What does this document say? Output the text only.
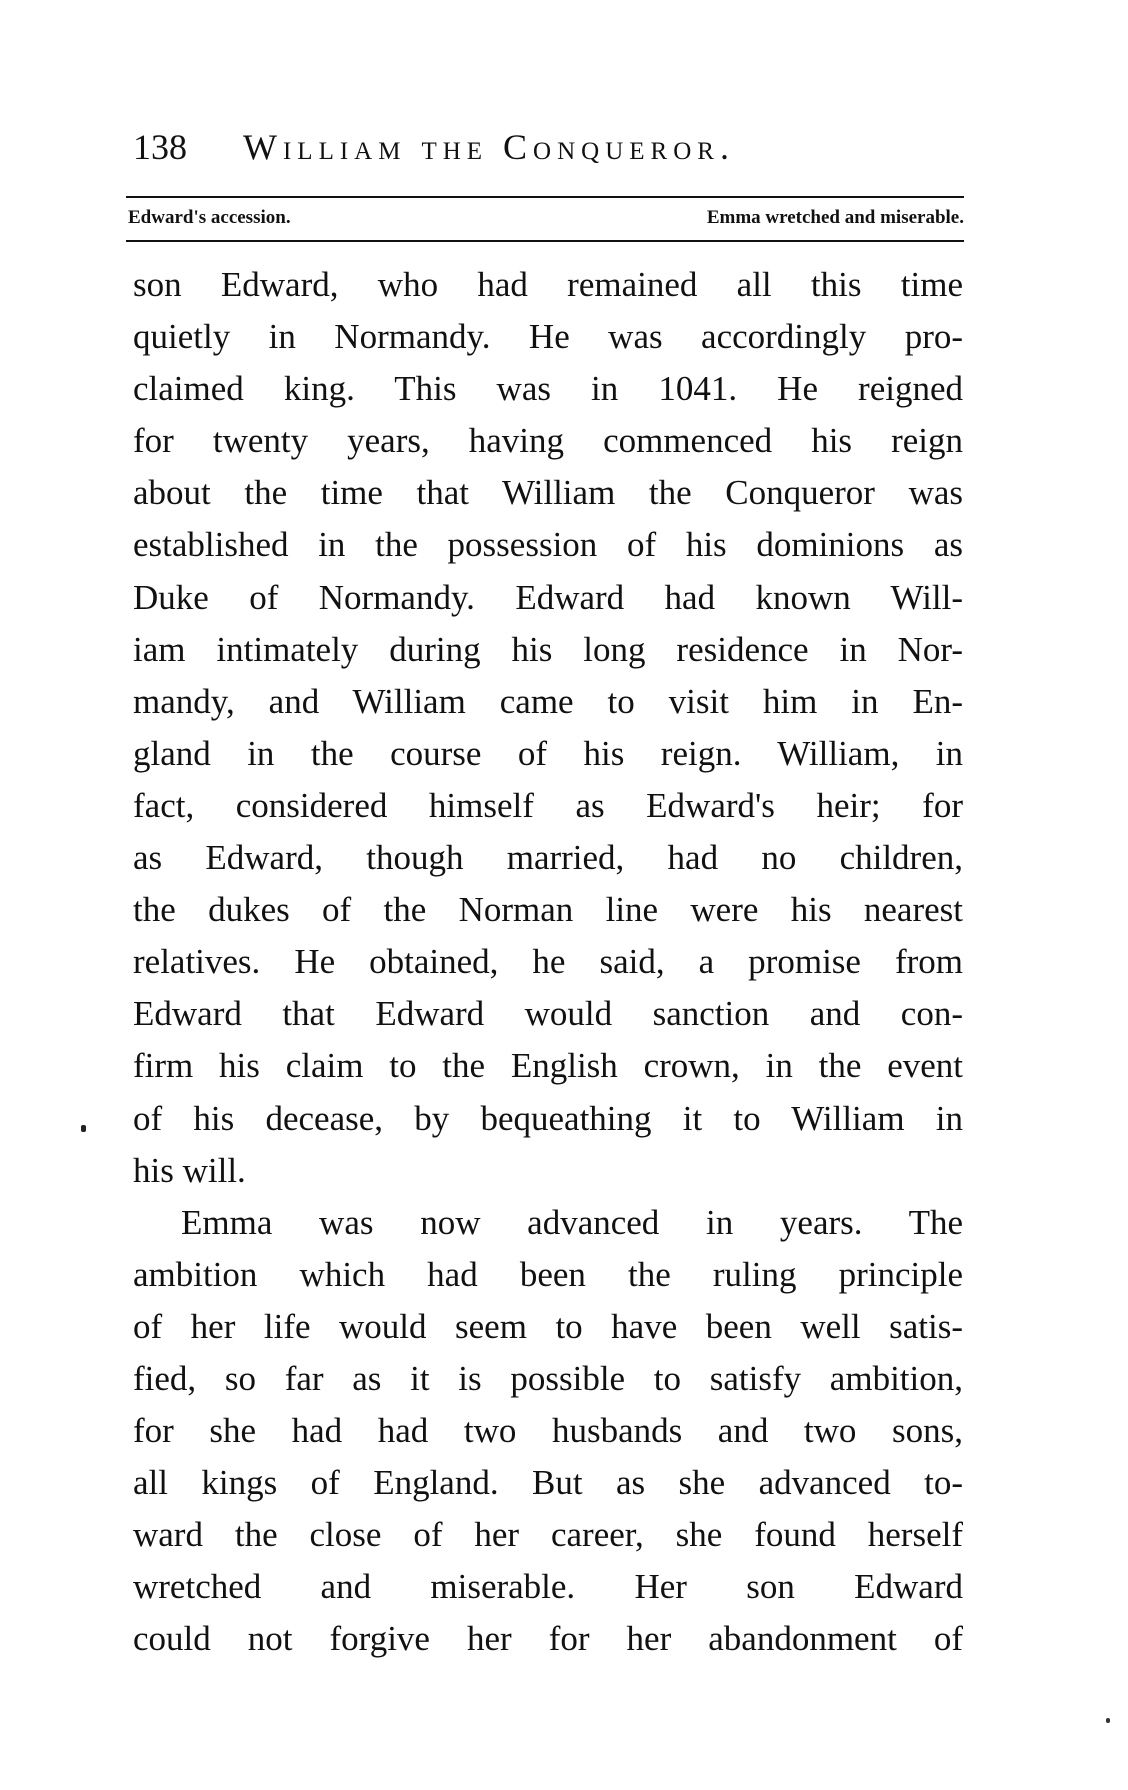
138 William the Conqueror.
Edward's accession.	Emma wretched and miserable.
son Edward, who had remained all this time
quietly in Normandy. He was accordingly pro-
claimed king. This was in 1041. He reigned
for twenty years, having commenced his reign
about the time that William the Conqueror was
established in the possession of his dominions as
Duke of Normandy. Edward had known Will-
iam intimately during his long residence in Nor-
mandy, and William came to visit him in En-
gland in the course of his reign. William, in
fact, considered himself as Edward's heir; for
as Edward, though married, had no children,
the dukes of the Norman line were his nearest
relatives. He obtained, he said, a promise from
Edward that Edward would sanction and con-
firm his claim to the English crown, in the event
of his decease, by bequeathing it to William in
his will.
Emma was now advanced in years. The
ambition which had been the ruling principle
of her life would seem to have been well satis-
fied, so far as it is possible to satisfy ambition,
for she had had two husbands and two sons,
all kings of England. But as she advanced to-
ward the close of her career, she found herself
wretched and miserable. Her son Edward
could not forgive her for her abandonment of
